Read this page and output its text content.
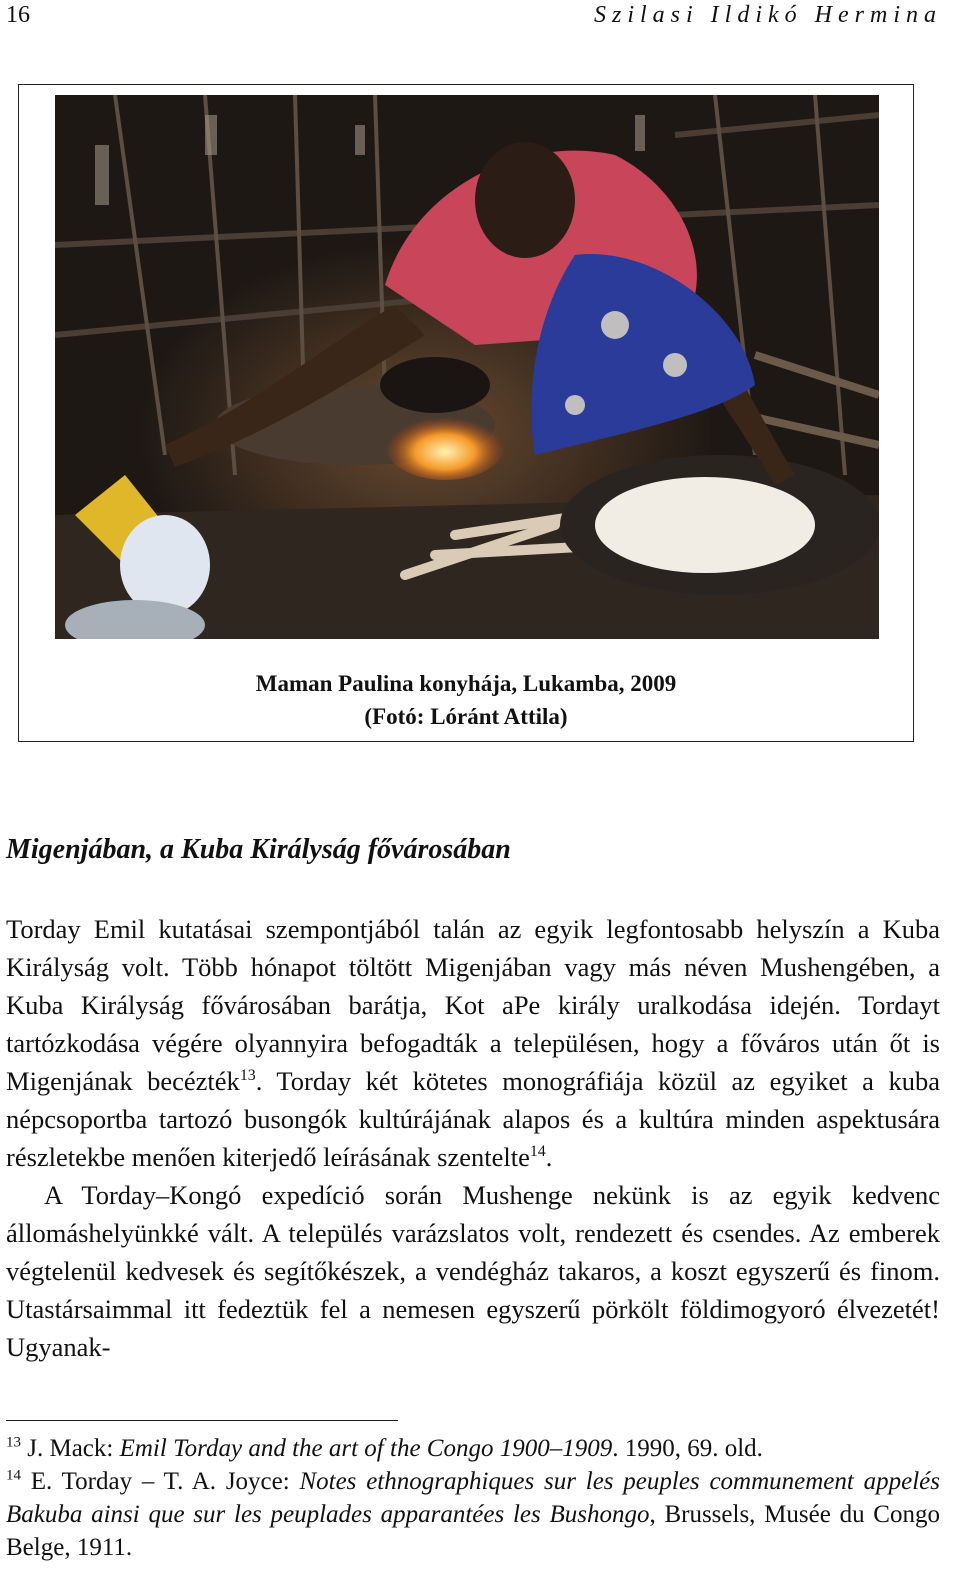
16	Szilasi Ildikó Hermina
Maman Paulina konyhája, Lukamba, 2009
(Fotó: Lóránt Attila)
Migenjában, a Kuba Királyság fővárosában

Torday Emil kutatásai szempontjából talán az egyik legfontosabb helyszín a Kuba Királyság volt. Több hónapot töltött Migenjában vagy más néven Mushengében, a Kuba Királyság fővárosában barátja, Kot aPe király uralkodása idején. Tordayt tartózkodása végére olyannyira befogadták a településen, hogy a főváros után őt is Migenjának becézték$^{13}$. Torday két kötetes monográfiája közül az egyiket a kuba népcsoportba tartozó busongók kultúrájának alapos és a kultúra minden aspektusára részletekbe menően kiterjedő leírásának szentelte$^{14}$.

A Torday–Kongó expedíció során Mushenge nekünk is az egyik kedvenc állomáshelyünkké vált. A település varázslatos volt, rendezett és csendes. Az emberek végtelenül kedvesek és segítőkészek, a vendégház takaros, a koszt egyszerű és finom. Utastársaimmal itt fedeztük fel a nemesen egyszerű pörkölt földimogyoró élvezetét! Ugyanak-

$^{13}$ J. Mack: Emil Torday and the art of the Congo 1900–1909. 1990, 69. old.

$^{14}$ E. Torday – T. A. Joyce: Notes ethnographiques sur les peuples communement appelés Bakuba ainsi que sur les peuplades apparantées les Bushongo, Brussels, Musée du Congo Belge, 1911.
